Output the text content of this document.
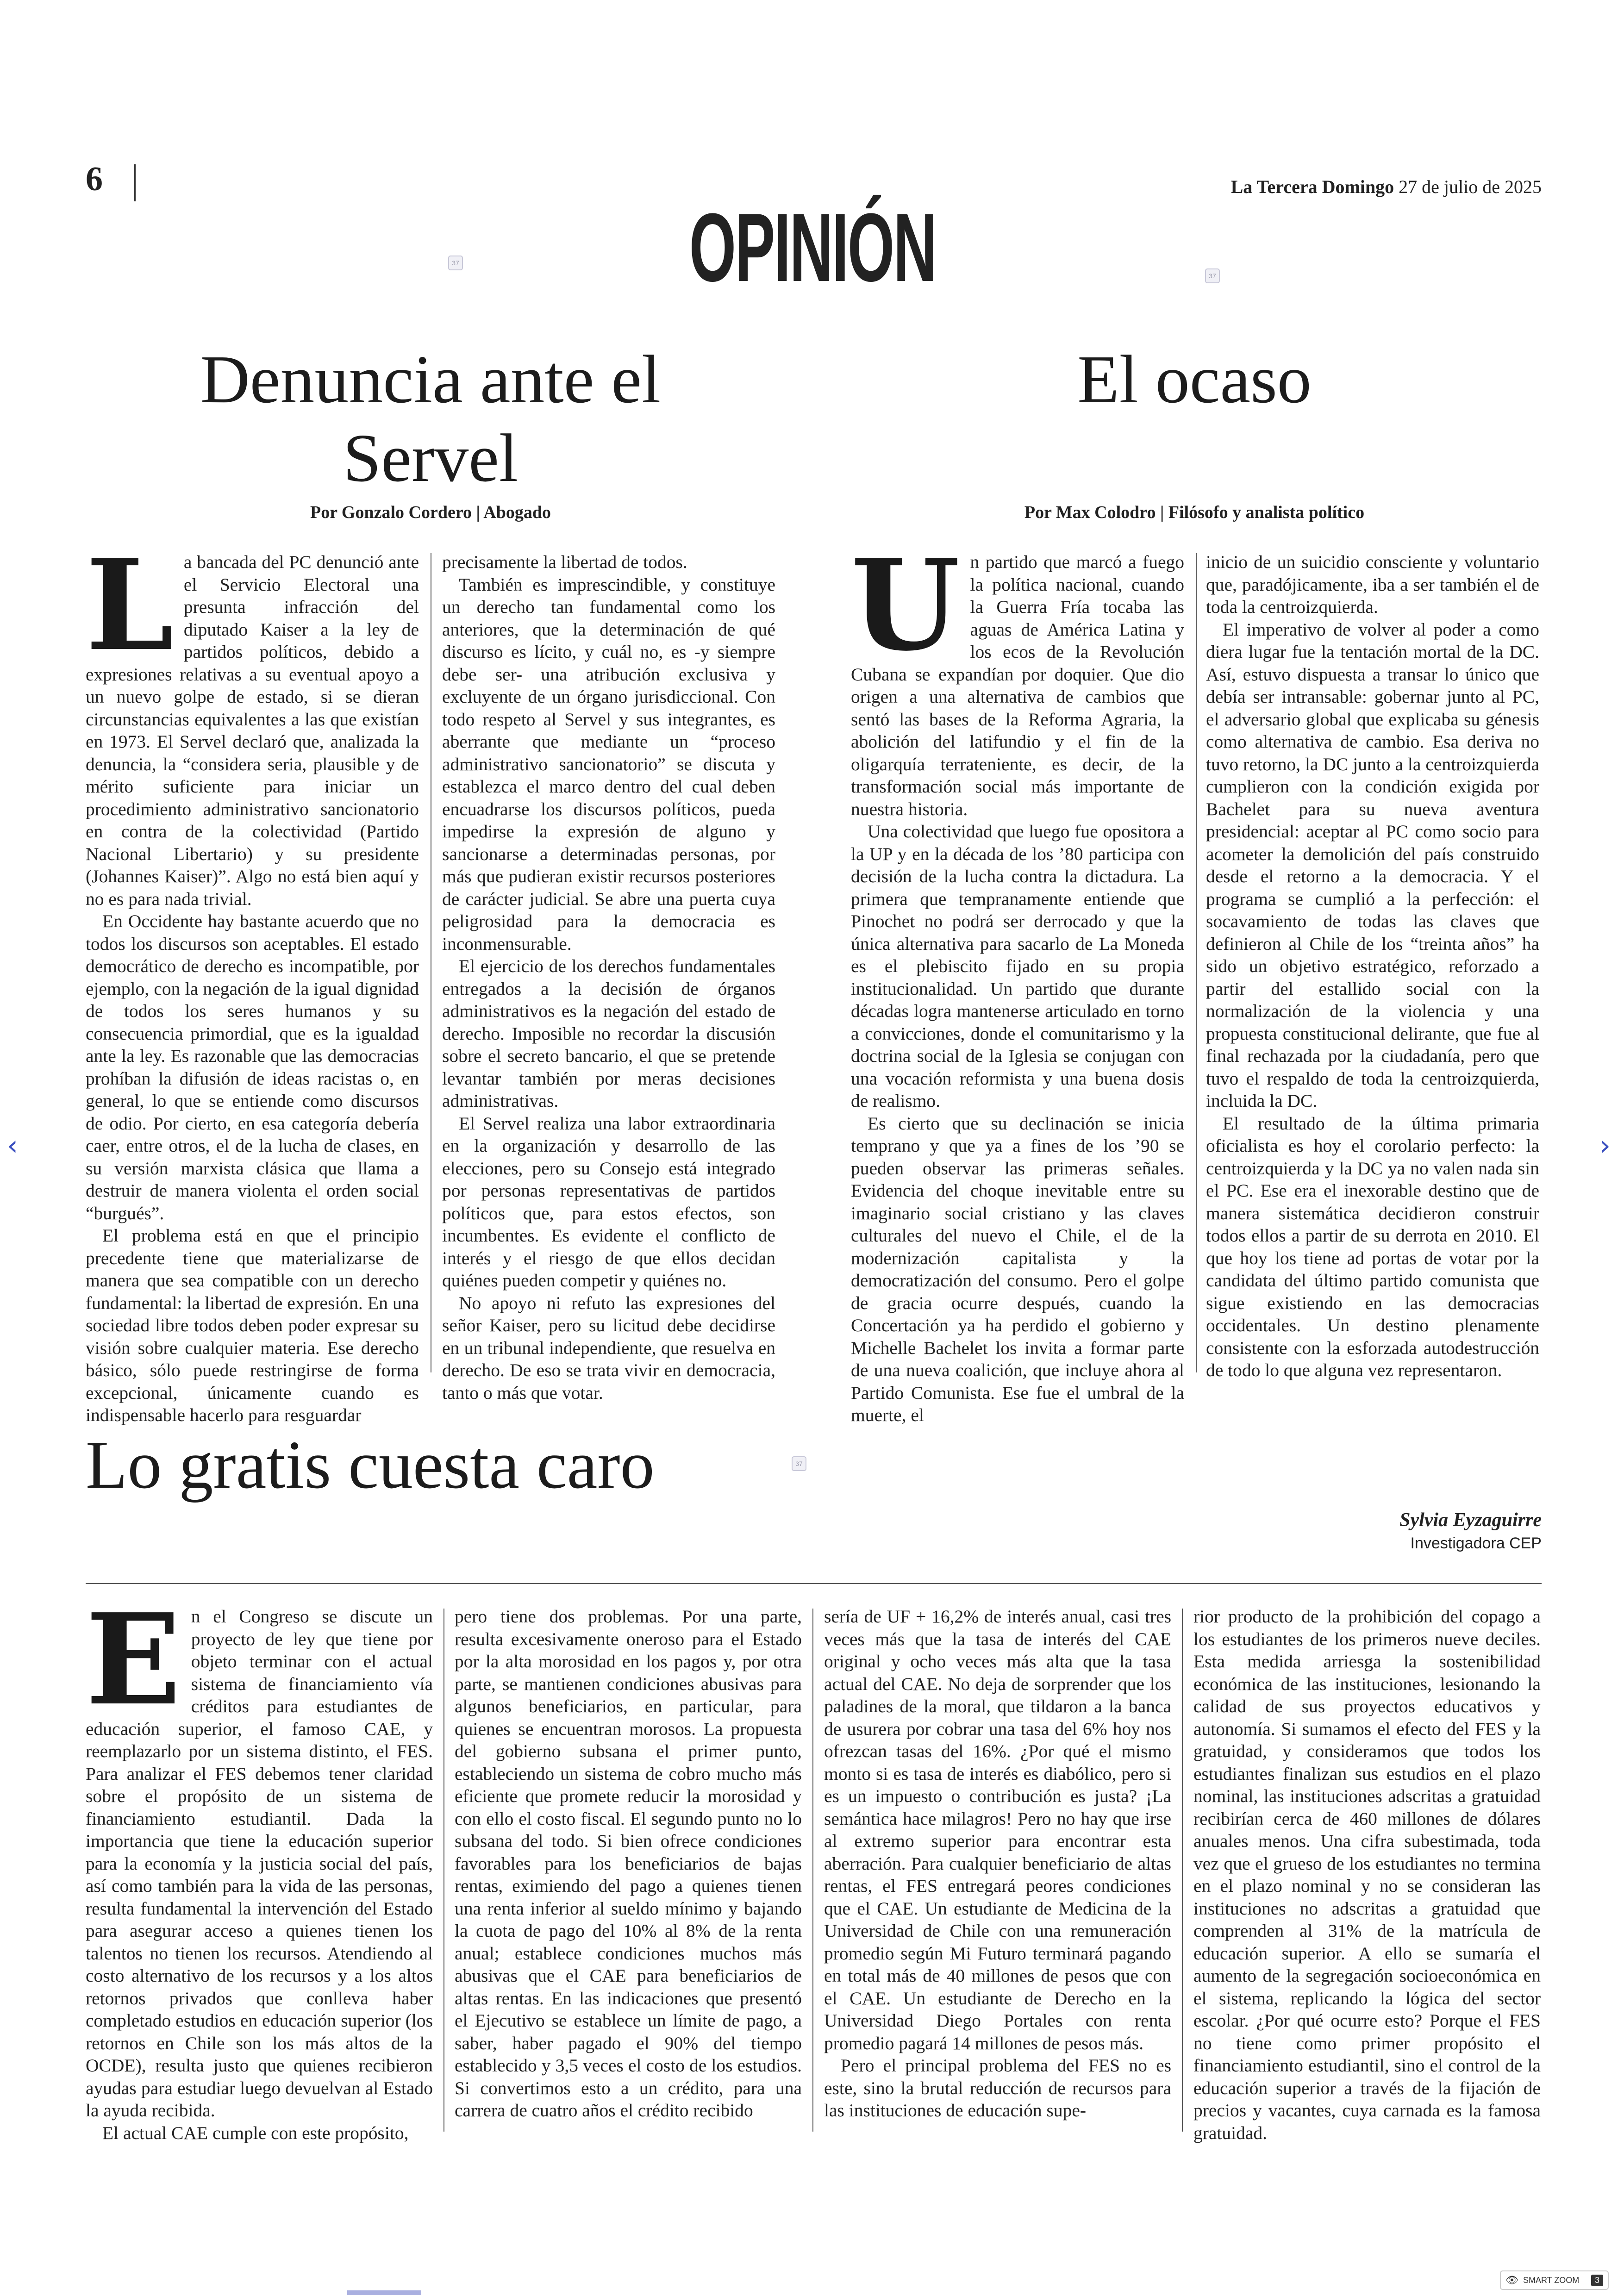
6	La Tercera Domingo 27 de julio de 2025
OPINIÓN
37
37
37
Denuncia ante el
Servel
Por Gonzalo Cordero | Abogado
L a bancada del PC denunció ante el Servicio Electoral una presunta infracción del diputado Kaiser a la ley de partidos políticos, debido a expresiones relativas a su eventual apoyo a un nuevo golpe de estado, si se dieran circunstancias equivalentes a las que existían en 1973. El Servel declaró que, analizada la denuncia, la “considera seria, plausible y de mérito suficiente para iniciar un procedimiento administrativo sancionatorio en contra de la colectividad (Partido Nacional Libertario) y su presidente (Johannes Kaiser)”. Algo no está bien aquí y no es para nada trivial.

En Occidente hay bastante acuerdo que no todos los discursos son aceptables. El estado democrático de derecho es incompatible, por ejemplo, con la negación de la igual dignidad de todos los seres humanos y su consecuencia primordial, que es la igualdad ante la ley. Es razonable que las democracias prohíban la difusión de ideas racistas o, en general, lo que se entiende como discursos de odio. Por cierto, en esa categoría debería caer, entre otros, el de la lucha de clases, en su versión marxista clásica que llama a destruir de manera violenta el orden social “burgués”.

El problema está en que el principio precedente tiene que materializarse de manera que sea compatible con un derecho fundamental: la libertad de expresión. En una sociedad libre todos deben poder expresar su visión sobre cualquier materia. Ese derecho básico, sólo puede restringirse de forma excepcional, únicamente cuando es indispensable hacerlo para resguardar

precisamente la libertad de todos.

También es imprescindible, y constituye un derecho tan fundamental como los anteriores, que la determinación de qué discurso es lícito, y cuál no, es -y siempre debe ser- una atribución exclusiva y excluyente de un órgano jurisdiccional. Con todo respeto al Servel y sus integrantes, es aberrante que mediante un “proceso administrativo sancionatorio” se discuta y establezca el marco dentro del cual deben encuadrarse los discursos políticos, pueda impedirse la expresión de alguno y sancionarse a determinadas personas, por más que pudieran existir recursos posteriores de carácter judicial. Se abre una puerta cuya peligrosidad para la democracia es inconmensurable.

El ejercicio de los derechos fundamentales entregados a la decisión de órganos administrativos es la negación del estado de derecho. Imposible no recordar la discusión sobre el secreto bancario, el que se pretende levantar también por meras decisiones administrativas.

El Servel realiza una labor extraordinaria en la organización y desarrollo de las elecciones, pero su Consejo está integrado por personas representativas de partidos políticos que, para estos efectos, son incumbentes. Es evidente el conflicto de interés y el riesgo de que ellos decidan quiénes pueden competir y quiénes no.

No apoyo ni refuto las expresiones del señor Kaiser, pero su licitud debe decidirse en un tribunal independiente, que resuelva en derecho. De eso se trata vivir en democracia, tanto o más que votar.

El ocaso
Por Max Colodro | Filósofo y analista político
U n partido que marcó a fuego la política nacional, cuando la Guerra Fría tocaba las aguas de América Latina y los ecos de la Revolución Cubana se expandían por doquier. Que dio origen a una alternativa de cambios que sentó las bases de la Reforma Agraria, la abolición del latifundio y el fin de la oligarquía terrateniente, es decir, de la transformación social más importante de nuestra historia.

Una colectividad que luego fue opositora a la UP y en la década de los ’80 participa con decisión de la lucha contra la dictadura. La primera que tempranamente entiende que Pinochet no podrá ser derrocado y que la única alternativa para sacarlo de La Moneda es el plebiscito fijado en su propia institucionalidad. Un partido que durante décadas logra mantenerse articulado en torno a convicciones, donde el comunitarismo y la doctrina social de la Iglesia se conjugan con una vocación reformista y una buena dosis de realismo.

Es cierto que su declinación se inicia temprano y que ya a fines de los ’90 se pueden observar las primeras señales. Evidencia del choque inevitable entre su imaginario social cristiano y las claves culturales del nuevo el Chile, el de la modernización capitalista y la democratización del consumo. Pero el golpe de gracia ocurre después, cuando la Concertación ya ha perdido el gobierno y Michelle Bachelet los invita a formar parte de una nueva coalición, que incluye ahora al Partido Comunista. Ese fue el umbral de la muerte, el

inicio de un suicidio consciente y voluntario que, paradójicamente, iba a ser también el de toda la centroizquierda.

El imperativo de volver al poder a como diera lugar fue la tentación mortal de la DC. Así, estuvo dispuesta a transar lo único que debía ser intransable: gobernar junto al PC, el adversario global que explicaba su génesis como alternativa de cambio. Esa deriva no tuvo retorno, la DC junto a la centroizquierda cumplieron con la condición exigida por Bachelet para su nueva aventura presidencial: aceptar al PC como socio para acometer la demolición del país construido desde el retorno a la democracia. Y el programa se cumplió a la perfección: el socavamiento de todas las claves que definieron al Chile de los “treinta años” ha sido un objetivo estratégico, reforzado a partir del estallido social con la normalización de la violencia y una propuesta constitucional delirante, que fue al final rechazada por la ciudadanía, pero que tuvo el respaldo de toda la centroizquierda, incluida la DC.

El resultado de la última primaria oficialista es hoy el corolario perfecto: la centroizquierda y la DC ya no valen nada sin el PC. Ese era el inexorable destino que de manera sistemática decidieron construir todos ellos a partir de su derrota en 2010. El que hoy los tiene ad portas de votar por la candidata del último partido comunista que sigue existiendo en las democracias occidentales. Un destino plenamente consistente con la esforzada autodestrucción de todo lo que alguna vez representaron.

Lo gratis cuesta caro
Sylvia Eyzaguirre
Investigadora CEP
E n el Congreso se discute un proyecto de ley que tiene por objeto terminar con el actual sistema de financiamiento vía créditos para estudiantes de educación superior, el famoso CAE, y reemplazarlo por un sistema distinto, el FES. Para analizar el FES debemos tener claridad sobre el propósito de un sistema de financiamiento estudiantil. Dada la importancia que tiene la educación superior para la economía y la justicia social del país, así como también para la vida de las personas, resulta fundamental la intervención del Estado para asegurar acceso a quienes tienen los talentos no tienen los recursos. Atendiendo al costo alternativo de los recursos y a los altos retornos privados que conlleva haber completado estudios en educación superior (los retornos en Chile son los más altos de la OCDE), resulta justo que quienes recibieron ayudas para estudiar luego devuelvan al Estado la ayuda recibida.

El actual CAE cumple con este propósito,

pero tiene dos problemas. Por una parte, resulta excesivamente oneroso para el Estado por la alta morosidad en los pagos y, por otra parte, se mantienen condiciones abusivas para algunos beneficiarios, en particular, para quienes se encuentran morosos. La propuesta del gobierno subsana el primer punto, estableciendo un sistema de cobro mucho más eficiente que promete reducir la morosidad y con ello el costo fiscal. El segundo punto no lo subsana del todo. Si bien ofrece condiciones favorables para los beneficiarios de bajas rentas, eximiendo del pago a quienes tienen una renta inferior al sueldo mínimo y bajando la cuota de pago del 10% al 8% de la renta anual; establece condiciones muchos más abusivas que el CAE para beneficiarios de altas rentas. En las indicaciones que presentó el Ejecutivo se establece un límite de pago, a saber, haber pagado el 90% del tiempo establecido y 3,5 veces el costo de los estudios. Si convertimos esto a un crédito, para una carrera de cuatro años el crédito recibido

sería de UF + 16,2% de interés anual, casi tres veces más que la tasa de interés del CAE original y ocho veces más alta que la tasa actual del CAE. No deja de sorprender que los paladines de la moral, que tildaron a la banca de usurera por cobrar una tasa del 6% hoy nos ofrezcan tasas del 16%. ¿Por qué el mismo monto si es tasa de interés es diabólico, pero si es un impuesto o contribución es justa? ¡La semántica hace milagros! Pero no hay que irse al extremo superior para encontrar esta aberración. Para cualquier beneficiario de altas rentas, el FES entregará peores condiciones que el CAE. Un estudiante de Medicina de la Universidad de Chile con una remuneración promedio según Mi Futuro terminará pagando en total más de 40 millones de pesos que con el CAE. Un estudiante de Derecho en la Universidad Diego Portales con renta promedio pagará 14 millones de pesos más.

Pero el principal problema del FES no es este, sino la brutal reducción de recursos para las instituciones de educación supe-

rior producto de la prohibición del copago a los estudiantes de los primeros nueve deciles. Esta medida arriesga la sostenibilidad económica de las instituciones, lesionando la calidad de sus proyectos educativos y autonomía. Si sumamos el efecto del FES y la gratuidad, y consideramos que todos los estudiantes finalizan sus estudios en el plazo nominal, las instituciones adscritas a gratuidad recibirían cerca de 460 millones de dólares anuales menos. Una cifra subestimada, toda vez que el grueso de los estudiantes no termina en el plazo nominal y no se consideran las instituciones no adscritas a gratuidad que comprenden al 31% de la matrícula de educación superior. A ello se sumaría el aumento de la segregación socioeconómica en el sistema, replicando la lógica del sector escolar. ¿Por qué ocurre esto? Porque el FES no tiene como primer propósito el financiamiento estudiantil, sino el control de la educación superior a través de la fijación de precios y vacantes, cuya carnada es la famosa gratuidad.

‹	›
👁 SMART ZOOM	3
